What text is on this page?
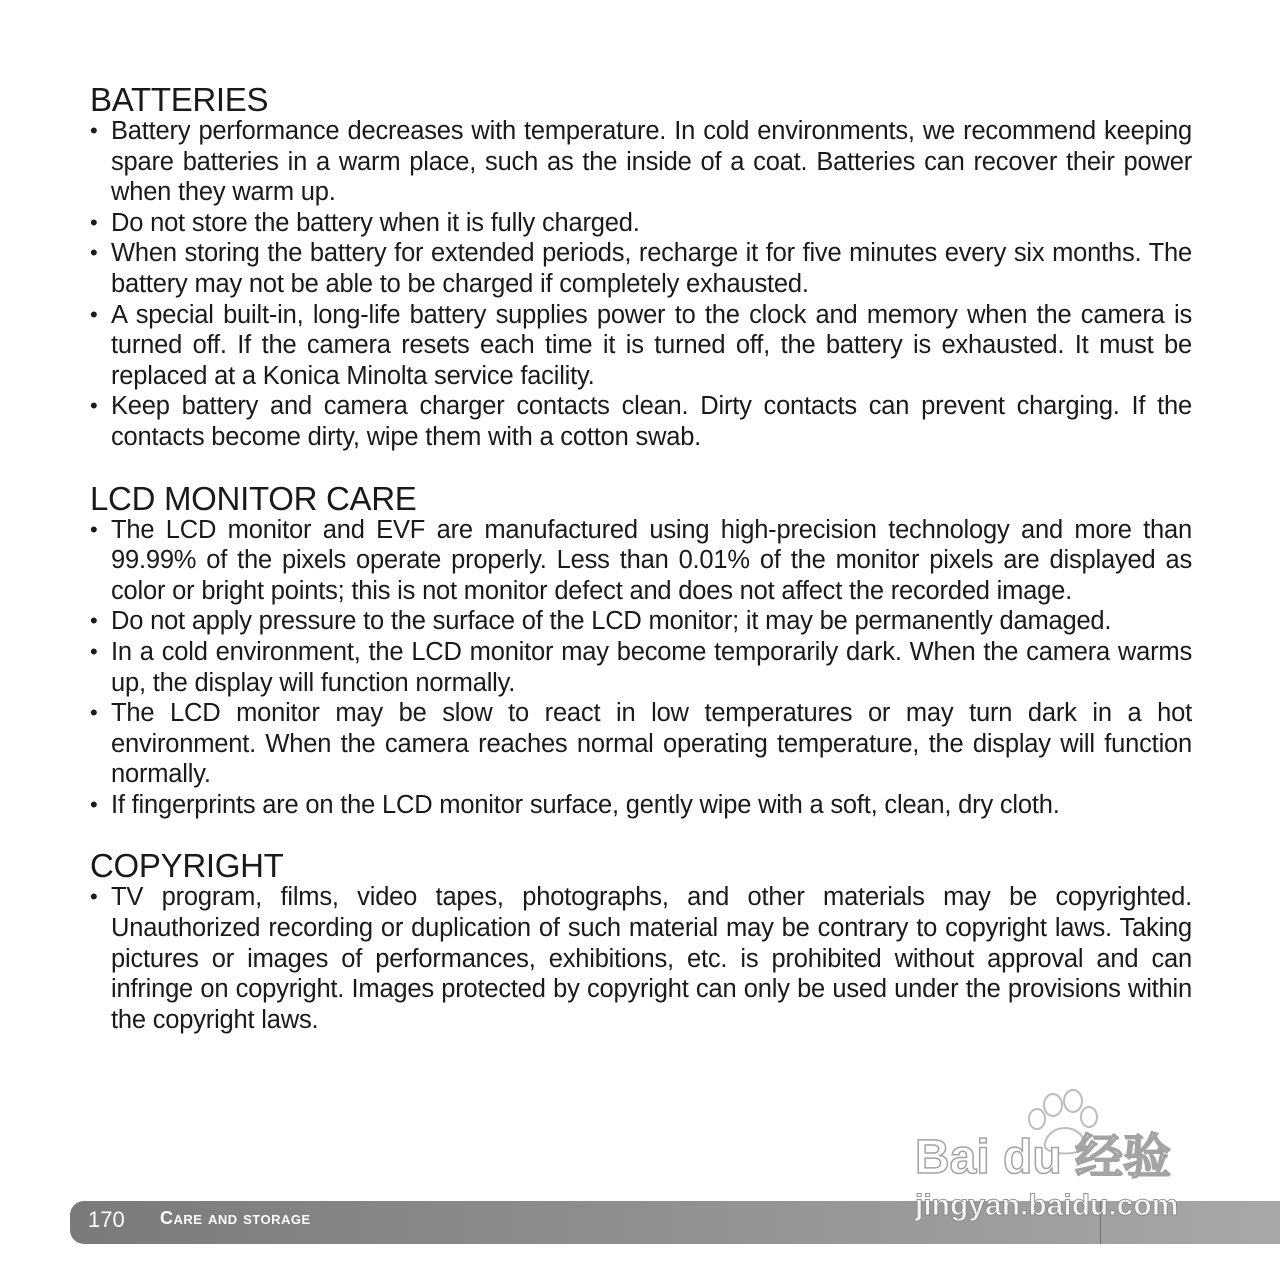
BATTERIES
• Battery performance decreases with temperature. In cold environments, we recommend keeping spare batteries in a warm place, such as the inside of a coat. Batteries can recover their power when they warm up.
• Do not store the battery when it is fully charged.
• When storing the battery for extended periods, recharge it for five minutes every six months. The battery may not be able to be charged if completely exhausted.
• A special built-in, long-life battery supplies power to the clock and memory when the camera is turned off. If the camera resets each time it is turned off, the battery is exhausted. It must be replaced at a Konica Minolta service facility.
• Keep battery and camera charger contacts clean. Dirty contacts can prevent charging. If the contacts become dirty, wipe them with a cotton swab.
LCD MONITOR CARE
• The LCD monitor and EVF are manufactured using high-precision technology and more than 99.99% of the pixels operate properly. Less than 0.01% of the monitor pixels are displayed as color or bright points; this is not monitor defect and does not affect the recorded image.
• Do not apply pressure to the surface of the LCD monitor; it may be permanently damaged.
• In a cold environment, the LCD monitor may become temporarily dark. When the camera warms up, the display will function normally.
• The LCD monitor may be slow to react in low temperatures or may turn dark in a hot environment. When the camera reaches normal operating temperature, the display will function normally.
• If fingerprints are on the LCD monitor surface, gently wipe with a soft, clean, dry cloth.
COPYRIGHT
• TV program, films, video tapes, photographs, and other materials may be copyrighted. Unauthorized recording or duplication of such material may be contrary to copyright laws. Taking pictures or images of performances, exhibitions, etc. is prohibited without approval and can infringe on copyright. Images protected by copyright can only be used under the provisions within the copyright laws.
170 care and storage
Bai du 经验
jingyan.baidu.com
